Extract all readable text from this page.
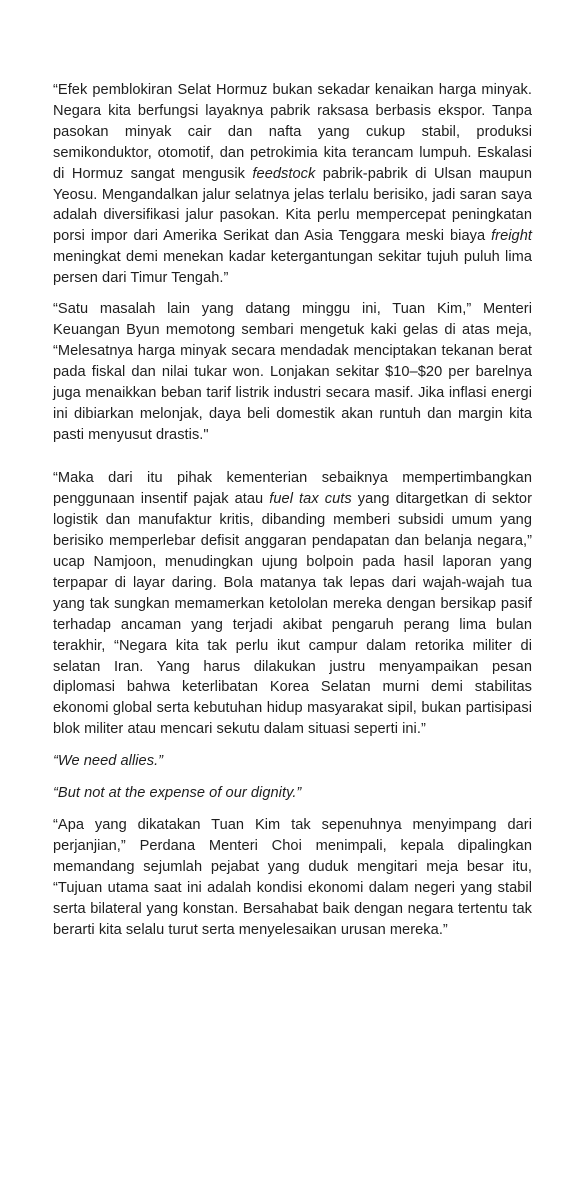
“Efek pemblokiran Selat Hormuz bukan sekadar kenaikan harga minyak. Negara kita berfungsi layaknya pabrik raksasa berbasis ekspor. Tanpa pasokan minyak cair dan nafta yang cukup stabil, produksi semikonduktor, otomotif, dan petrokimia kita terancam lumpuh. Eskalasi di Hormuz sangat mengusik feedstock pabrik-pabrik di Ulsan maupun Yeosu. Mengandalkan jalur selatnya jelas terlalu berisiko, jadi saran saya adalah diversifikasi jalur pasokan. Kita perlu mempercepat peningkatan porsi impor dari Amerika Serikat dan Asia Tenggara meski biaya freight meningkat demi menekan kadar ketergantungan sekitar tujuh puluh lima persen dari Timur Tengah.”

“Satu masalah lain yang datang minggu ini, Tuan Kim,” Menteri Keuangan Byun memotong sembari mengetuk kaki gelas di atas meja, “Melesatnya harga minyak secara mendadak menciptakan tekanan berat pada fiskal dan nilai tukar won. Lonjakan sekitar $10–$20 per barelnya juga menaikkan beban tarif listrik industri secara masif. Jika inflasi energi ini dibiarkan melonjak, daya beli domestik akan runtuh dan margin kita pasti menyusut drastis."

“Maka dari itu pihak kementerian sebaiknya mempertimbangkan penggunaan insentif pajak atau fuel tax cuts yang ditargetkan di sektor logistik dan manufaktur kritis, dibanding memberi subsidi umum yang berisiko memperlebar defisit anggaran pendapatan dan belanja negara,” ucap Namjoon, menudingkan ujung bolpoin pada hasil laporan yang terpapar di layar daring. Bola matanya tak lepas dari wajah-wajah tua yang tak sungkan memamerkan ketololan mereka dengan bersikap pasif terhadap ancaman yang terjadi akibat pengaruh perang lima bulan terakhir, “Negara kita tak perlu ikut campur dalam retorika militer di selatan Iran. Yang harus dilakukan justru menyampaikan pesan diplomasi bahwa keterlibatan Korea Selatan murni demi stabilitas ekonomi global serta kebutuhan hidup masyarakat sipil, bukan partisipasi blok militer atau mencari sekutu dalam situasi seperti ini.”

“We need allies.”

“But not at the expense of our dignity.”

“Apa yang dikatakan Tuan Kim tak sepenuhnya menyimpang dari perjanjian,” Perdana Menteri Choi menimpali, kepala dipalingkan memandang sejumlah pejabat yang duduk mengitari meja besar itu, “Tujuan utama saat ini adalah kondisi ekonomi dalam negeri yang stabil serta bilateral yang konstan. Bersahabat baik dengan negara tertentu tak berarti kita selalu turut serta menyelesaikan urusan mereka.”
